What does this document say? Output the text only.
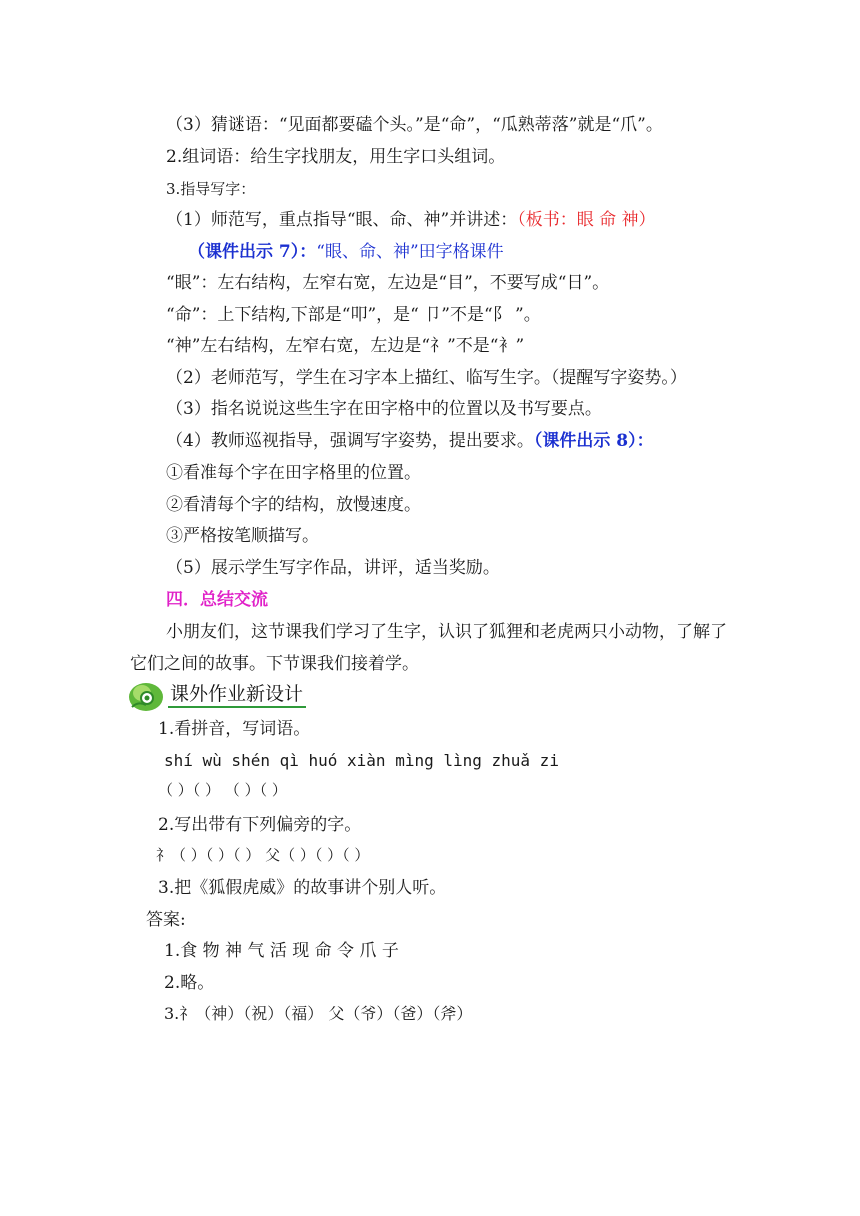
（3）猜谜语：“见面都要磕个头。”是“命”，“瓜熟蒂落”就是“爪”。
2.组词语：给生字找朋友，用生字口头组词。
3.指导写字：
（1）师范写，重点指导“眼、命、神”并讲述：（板书：眼 命 神）
（课件出示 7）：“眼、命、神”田字格课件
“眼”：左右结构，左窄右宽，左边是“目”，不要写成“日”。
“命”：上下结构,下部是“叩”，是“ 卩”不是“阝 ”。
“神”左右结构，左窄右宽，左边是“礻”不是“衤”
（2）老师范写，学生在习字本上描红、临写生字。（提醒写字姿势。）
（3）指名说说这些生字在田字格中的位置以及书写要点。
（4）教师巡视指导，强调写字姿势，提出要求。（课件出示 8）：
①看准每个字在田字格里的位置。
②看清每个字的结构，放慢速度。
③严格按笔顺描写。
（5）展示学生写字作品，讲评，适当奖励。
四．总结交流
小朋友们，这节课我们学习了生字，认识了狐狸和老虎两只小动物，了解了
它们之间的故事。下节课我们接着学。
课外作业新设计
1.看拼音，写词语。
shí wù shén qì huó xiàn mìng lìng zhuǎ zi
（ ）（ ） （ ）（ ）
2.写出带有下列偏旁的字。
礻（ ）（ ）（ ） 父（ ）（ ）（ ）
3.把《狐假虎威》的故事讲个别人听。
答案:
1.食 物 神 气 活 现 命 令 爪 子
2.略。
3.礻（神）（祝）（福） 父（爷）（爸）（斧）
